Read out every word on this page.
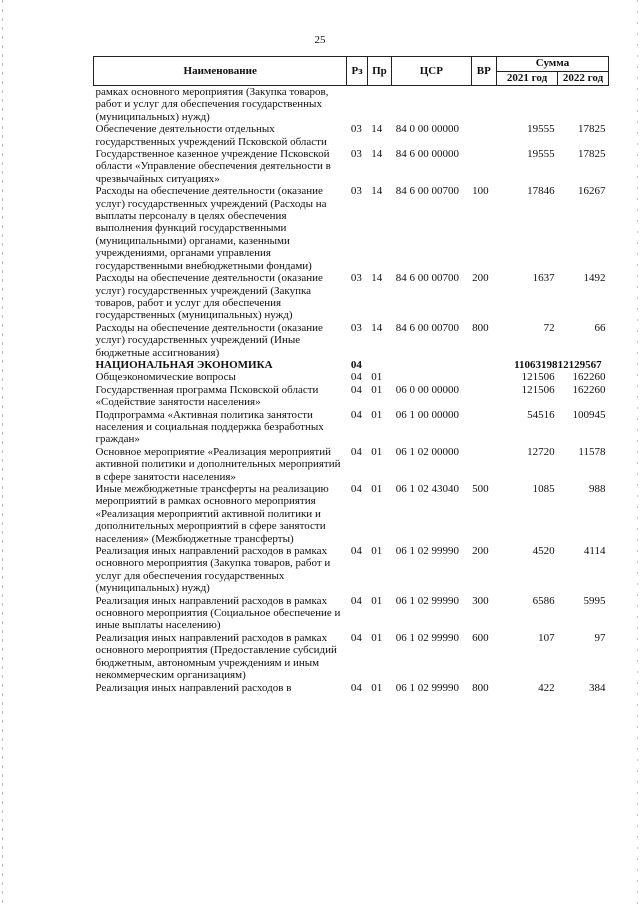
25
Наименование	Рз	Пр	ЦСР	ВР	Сумма	
					2021 год	2022 год
рамках основного мероприятия (Закупка товаров, работ и услуг для обеспечения государственных (муниципальных) нужд)						
Обеспечение деятельности отдельных государственных учреждений Псковской области	03	14	84 0 00 00000		19555	17825
Государственное казенное учреждение Псковской области «Управление обеспечения деятельности в чрезвычайных ситуациях»	03	14	84 6 00 00000		19555	17825
Расходы на обеспечение деятельности (оказание услуг) государственных учреждений (Расходы на выплаты персоналу в целях обеспечения выполнения функций государственными (муниципальными) органами, казенными учреждениями, органами управления государственными внебюджетными фондами)	03	14	84 6 00 00700	100	17846	16267
Расходы на обеспечение деятельности (оказание услуг) государственных учреждений (Закупка товаров, работ и услуг для обеспечения государственных (муниципальных) нужд)	03	14	84 6 00 00700	200	1637	1492
Расходы на обеспечение деятельности (оказание услуг) государственных учреждений (Иные бюджетные ассигнования)	03	14	84 6 00 00700	800	72	66
НАЦИОНАЛЬНАЯ ЭКОНОМИКА	04				11063198	12129567
Общеэкономические вопросы	04	01			121506	162260
Государственная программа Псковской области «Содействие занятости населения»	04	01	06 0 00 00000		121506	162260
Подпрограмма «Активная политика занятости населения и социальная поддержка безработных граждан»	04	01	06 1 00 00000		54516	100945
Основное мероприятие «Реализация мероприятий активной политики и дополнительных мероприятий в сфере занятости населения»	04	01	06 1 02 00000		12720	11578
Иные межбюджетные трансферты на реализацию мероприятий в рамках основного мероприятия «Реализация мероприятий активной политики и дополнительных мероприятий в сфере занятости населения» (Межбюджетные трансферты)	04	01	06 1 02 43040	500	1085	988
Реализация иных направлений расходов в рамках основного мероприятия (Закупка товаров, работ и услуг для обеспечения государственных (муниципальных) нужд)	04	01	06 1 02 99990	200	4520	4114
Реализация иных направлений расходов в рамках основного мероприятия (Социальное обеспечение и иные выплаты населению)	04	01	06 1 02 99990	300	6586	5995
Реализация иных направлений расходов в рамках основного мероприятия (Предоставление субсидий бюджетным, автономным учреждениям и иным некоммерческим организациям)	04	01	06 1 02 99990	600	107	97
Реализация иных направлений расходов в	04	01	06 1 02 99990	800	422	384
